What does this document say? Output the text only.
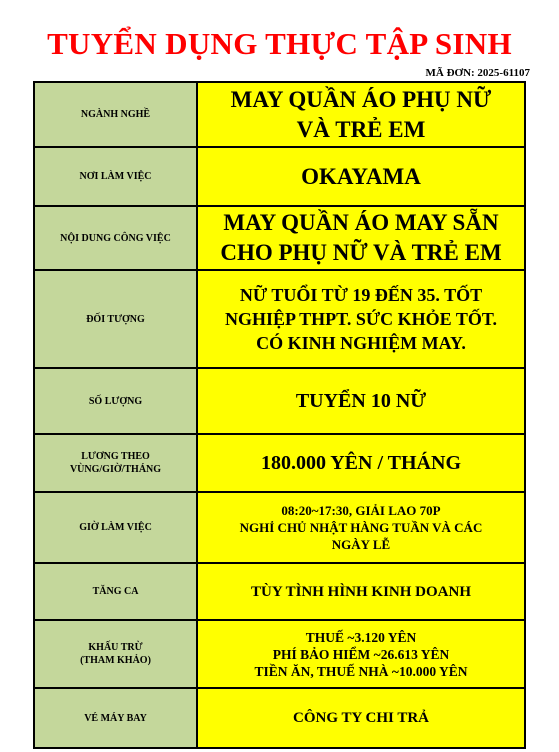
TUYỂN DỤNG THỰC TẬP SINH
MÃ ĐƠN: 2025-61107
NGÀNH NGHỀ	MAY QUẦN ÁO PHỤ NỮ
VÀ TRẺ EM

NƠI LÀM VIỆC	OKAYAMA

NỘI DUNG CÔNG VIỆC	MAY QUẦN ÁO MAY SẴN
CHO PHỤ NỮ VÀ TRẺ EM

ĐỐI TƯỢNG	NỮ TUỔI TỪ 19 ĐẾN 35. TỐT
NGHIỆP THPT. SỨC KHỎE TỐT.
CÓ KINH NGHIỆM MAY.

SỐ LƯỢNG	TUYỂN 10 NỮ

LƯƠNG THEO
VÙNG/GIỜ/THÁNG	180.000 YÊN / THÁNG

GIỜ LÀM VIỆC	08:20~17:30, GIẢI LAO 70P
NGHỈ CHỦ NHẬT HÀNG TUẦN VÀ CÁC
NGÀY LỄ

TĂNG CA	TÙY TÌNH HÌNH KINH DOANH

KHẤU TRỪ
(THAM KHẢO)	THUẾ ~3.120 YÊN
PHÍ BẢO HIỂM ~26.613 YÊN
TIỀN ĂN, THUẾ NHÀ ~10.000 YÊN

VÉ MÁY BAY	CÔNG TY CHI TRẢ
